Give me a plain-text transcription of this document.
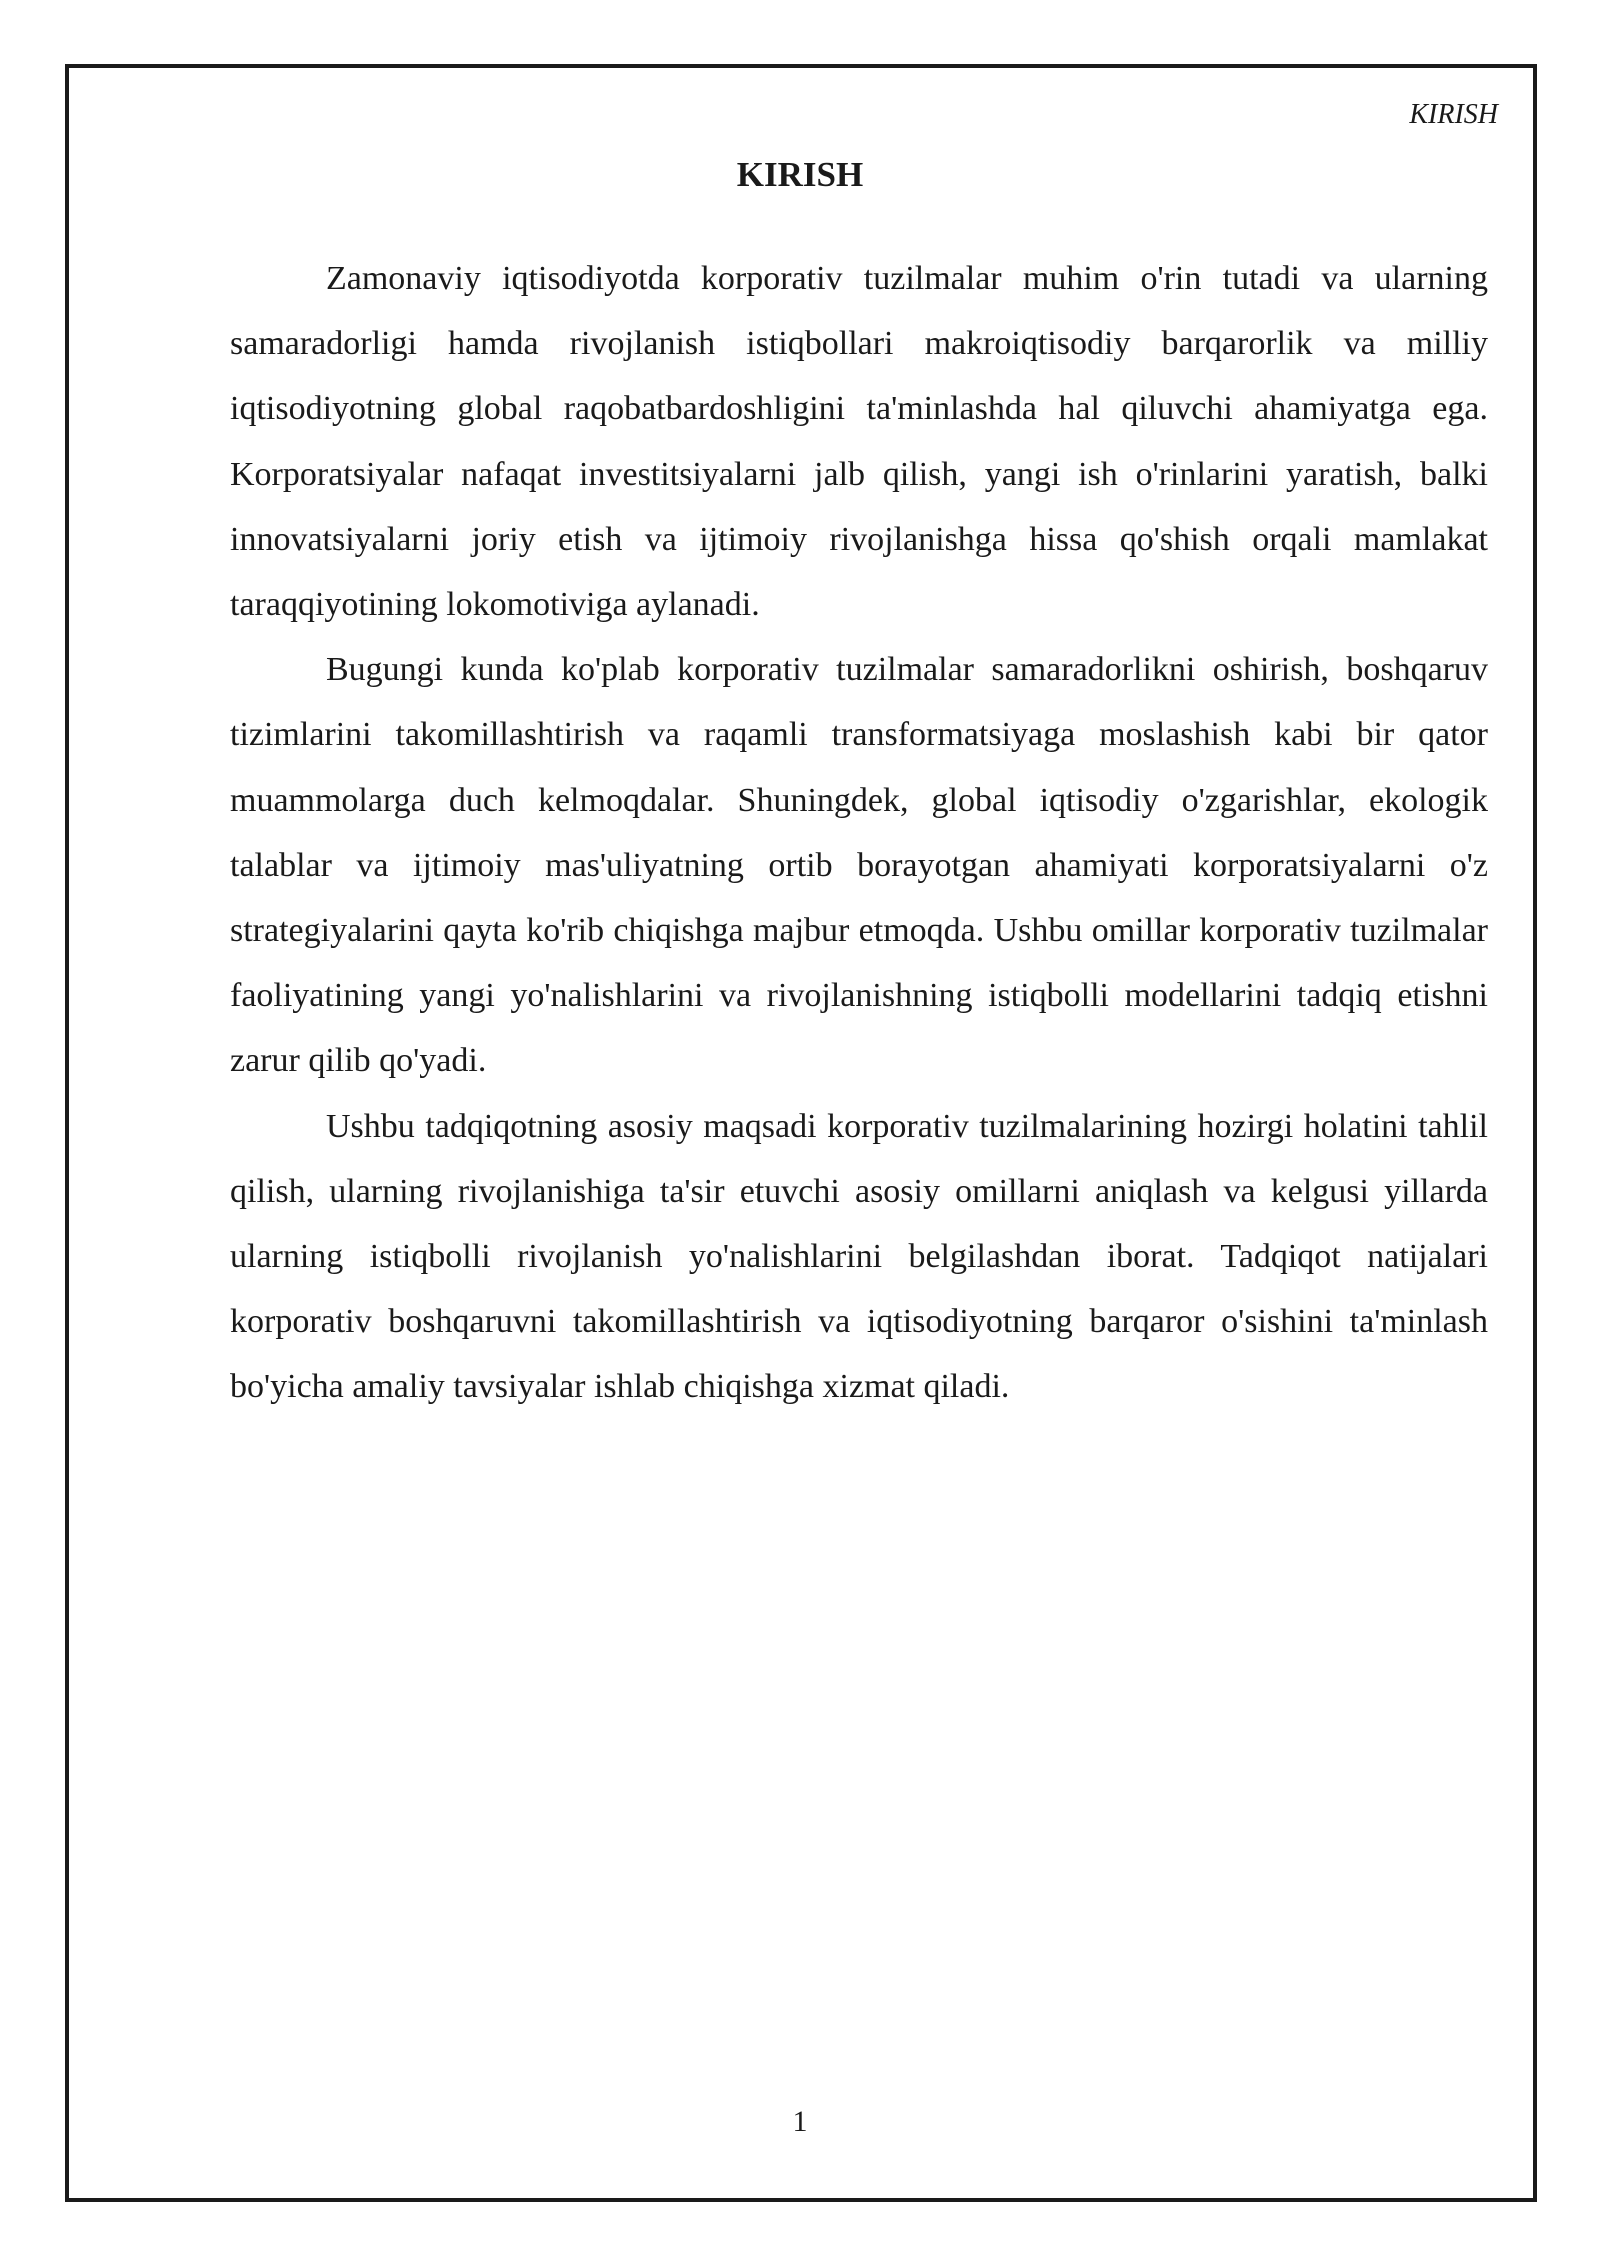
KIRISH
KIRISH

Zamonaviy iqtisodiyotda korporativ tuzilmalar muhim o'rin tutadi va ularning samaradorligi hamda rivojlanish istiqbollari makroiqtisodiy barqarorlik va milliy iqtisodiyotning global raqobatbardoshligini ta'minlashda hal qiluvchi ahamiyatga ega. Korporatsiyalar nafaqat investitsiyalarni jalb qilish, yangi ish o'rinlarini yaratish, balki innovatsiyalarni joriy etish va ijtimoiy rivojlanishga hissa qo'shish orqali mamlakat taraqqiyotining lokomotiviga aylanadi.

Bugungi kunda ko'plab korporativ tuzilmalar samaradorlikni oshirish, boshqaruv tizimlarini takomillashtirish va raqamli transformatsiyaga moslashish kabi bir qator muammolarga duch kelmoqdalar. Shuningdek, global iqtisodiy o'zgarishlar, ekologik talablar va ijtimoiy mas'uliyatning ortib borayotgan ahamiyati korporatsiyalarni o'z strategiyalarini qayta ko'rib chiqishga majbur etmoqda. Ushbu omillar korporativ tuzilmalar faoliyatining yangi yo'nalishlarini va rivojlanishning istiqbolli modellarini tadqiq etishni zarur qilib qo'yadi.

Ushbu tadqiqotning asosiy maqsadi korporativ tuzilmalarining hozirgi holatini tahlil qilish, ularning rivojlanishiga ta'sir etuvchi asosiy omillarni aniqlash va kelgusi yillarda ularning istiqbolli rivojlanish yo'nalishlarini belgilashdan iborat. Tadqiqot natijalari korporativ boshqaruvni takomillashtirish va iqtisodiyotning barqaror o'sishini ta'minlash bo'yicha amaliy tavsiyalar ishlab chiqishga xizmat qiladi.

1
